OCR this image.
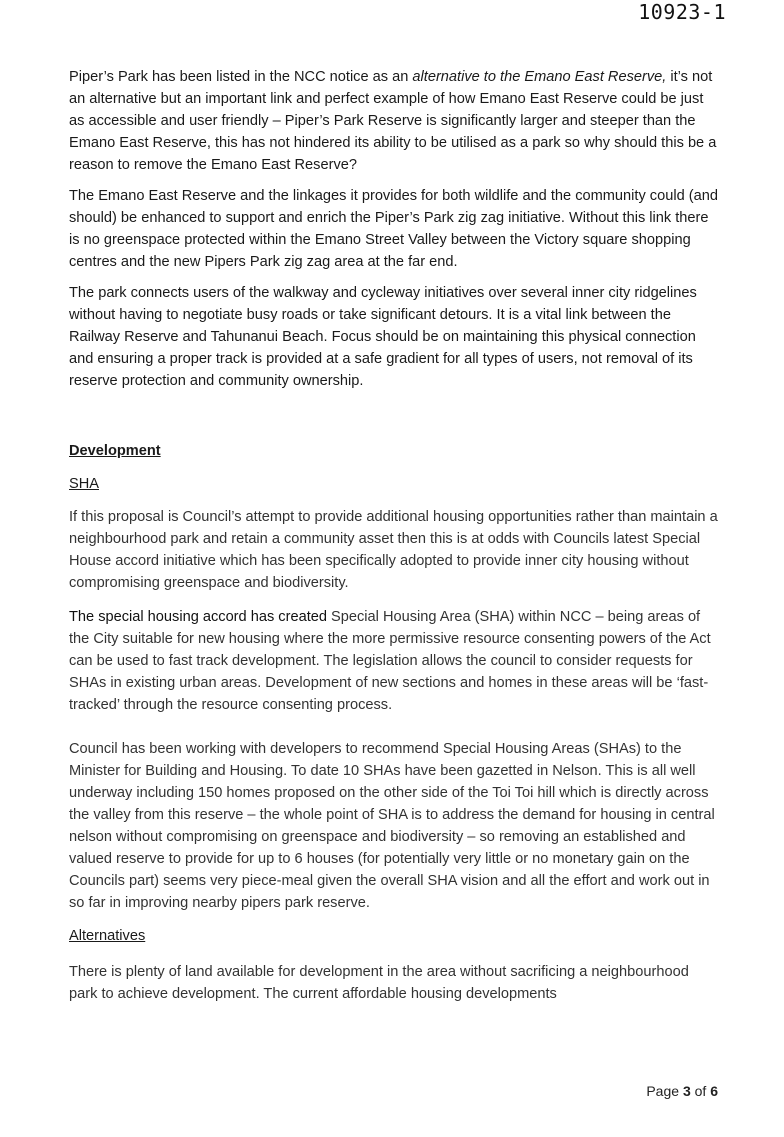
10923-1

Piper’s Park has been listed in the NCC notice as an alternative to the Emano East Reserve, it’s not an alternative but an important link and perfect example of how Emano East Reserve could be just as accessible and user friendly – Piper’s Park Reserve is significantly larger and steeper than the Emano East Reserve, this has not hindered its ability to be utilised as a park so why should this be a reason to remove the Emano East Reserve?

The Emano East Reserve and the linkages it provides for both wildlife and the community could (and should) be enhanced to support and enrich the Piper’s Park zig zag initiative. Without this link there is no greenspace protected within the Emano Street Valley between the Victory square shopping centres and the new Pipers Park zig zag area at the far end.

The park connects users of the walkway and cycleway initiatives over several inner city ridgelines without having to negotiate busy roads or take significant detours. It is a vital link between the Railway Reserve and Tahunanui Beach. Focus should be on maintaining this physical connection and ensuring a proper track is provided at a safe gradient for all types of users, not removal of its reserve protection and community ownership.

Development
SHA

If this proposal is Council’s attempt to provide additional housing opportunities rather than maintain a neighbourhood park and retain a community asset then this is at odds with Councils latest Special House accord initiative which has been specifically adopted to provide inner city housing without compromising greenspace and biodiversity.

The special housing accord has created Special Housing Area (SHA) within NCC – being areas of the City suitable for new housing where the more permissive resource consenting powers of the Act can be used to fast track development. The legislation allows the council to consider requests for SHAs in existing urban areas. Development of new sections and homes in these areas will be ‘fast-tracked’ through the resource consenting process.

Council has been working with developers to recommend Special Housing Areas (SHAs) to the Minister for Building and Housing. To date 10 SHAs have been gazetted in Nelson. This is all well underway including 150 homes proposed on the other side of the Toi Toi hill which is directly across the valley from this reserve – the whole point of SHA is to address the demand for housing in central nelson without compromising on greenspace and biodiversity – so removing an established and valued reserve to provide for up to 6 houses (for potentially very little or no monetary gain on the Councils part) seems very piece-meal given the overall SHA vision and all the effort and work out in so far in improving nearby pipers park reserve.

Alternatives

There is plenty of land available for development in the area without sacrificing a neighbourhood park to achieve development. The current affordable housing developments

Page 3 of 6
